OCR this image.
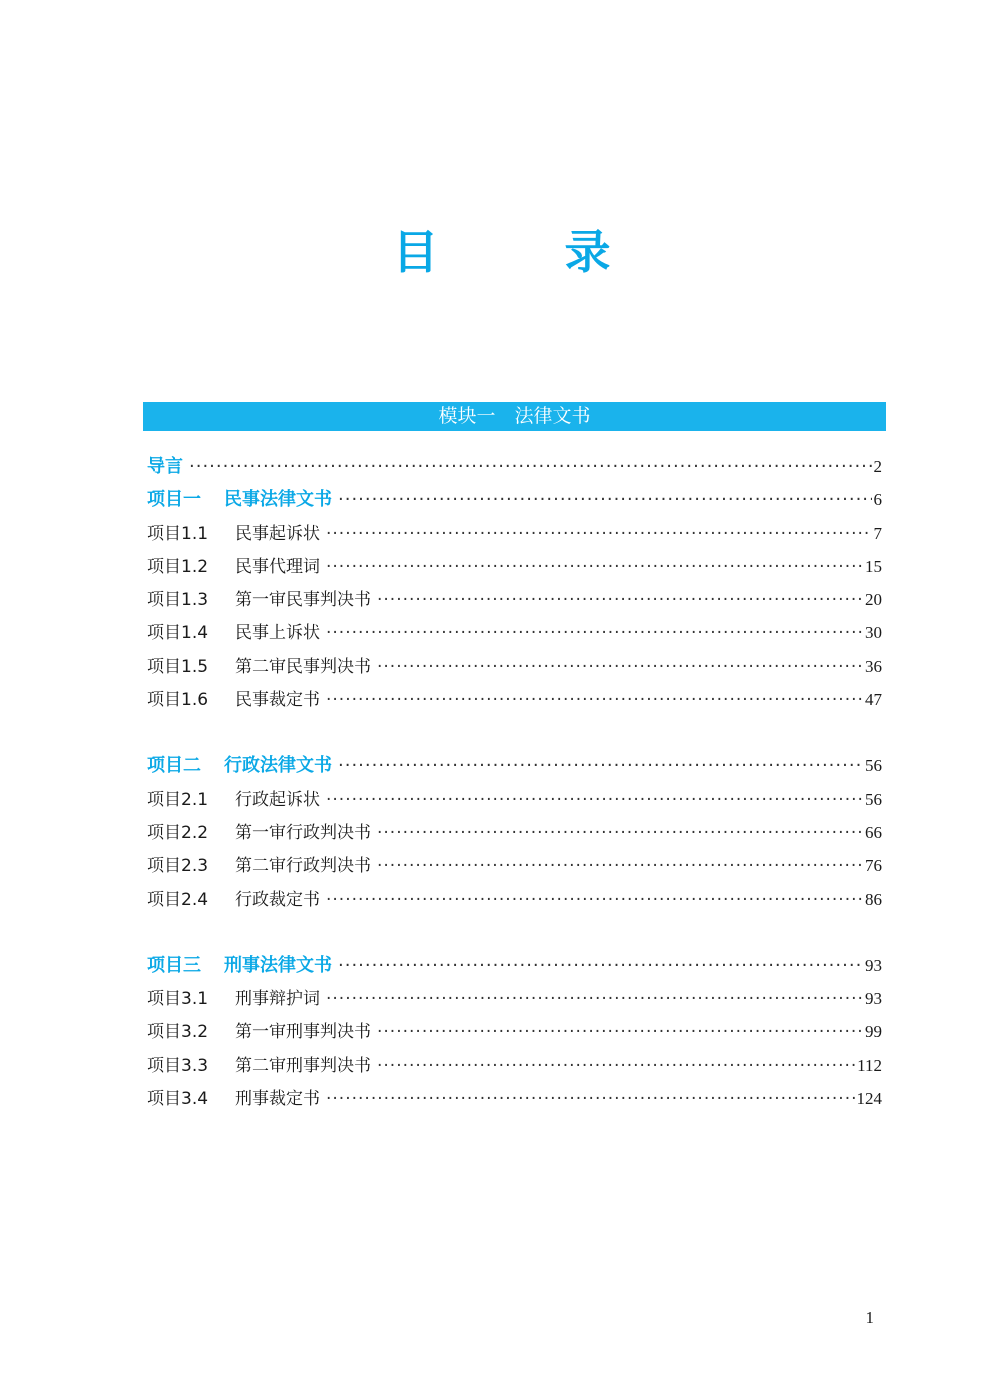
目　录
模块一　法律文书
导言 ·····	2
项目一 民事法律文书 ·····	6
项目1.1 民事起诉状 ·····	7
项目1.2 民事代理词 ·····	15
项目1.3 第一审民事判决书 ·····	20
项目1.4 民事上诉状 ·····	30
项目1.5 第二审民事判决书 ·····	36
项目1.6 民事裁定书 ·····	47
项目二 行政法律文书 ·····	56
项目2.1 行政起诉状 ·····	56
项目2.2 第一审行政判决书 ·····	66
项目2.3 第二审行政判决书 ·····	76
项目2.4 行政裁定书 ·····	86
项目三 刑事法律文书 ·····	93
项目3.1 刑事辩护词 ·····	93
项目3.2 第一审刑事判决书 ·····	99
项目3.3 第二审刑事判决书 ·····	112
项目3.4 刑事裁定书 ·····	124
1
